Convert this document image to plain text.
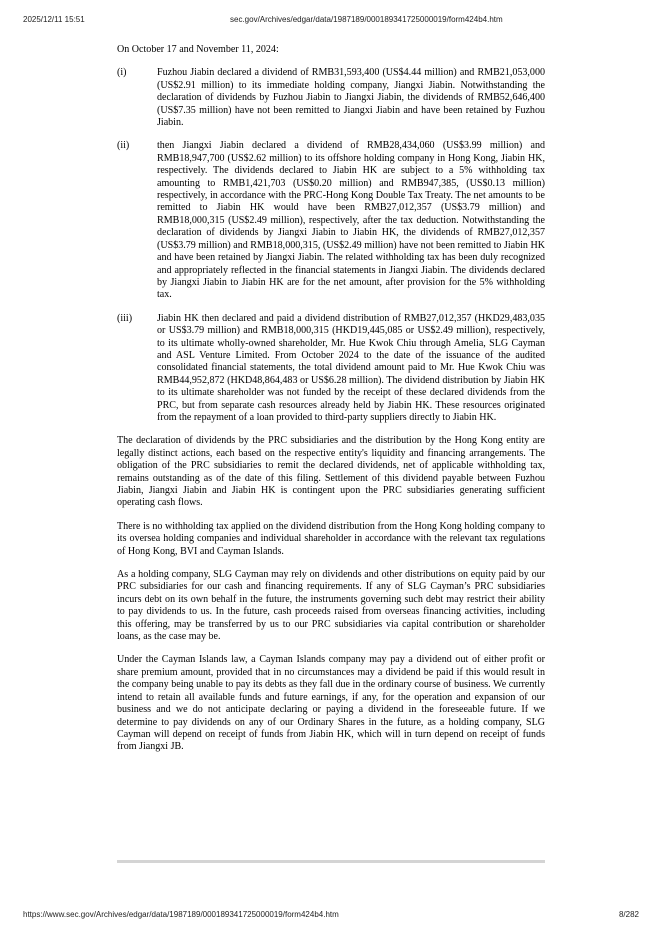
2025/12/11 15:51	sec.gov/Archives/edgar/data/1987189/000189341725000019/form424b4.htm

On October 17 and November 11, 2024:

(i)	Fuzhou Jiabin declared a dividend of RMB31,593,400 (US$4.44 million) and RMB21,053,000 (US$2.91 million) to its immediate holding company, Jiangxi Jiabin. Notwithstanding the declaration of dividends by Fuzhou Jiabin to Jiangxi Jiabin, the dividends of RMB52,646,400 (US$7.35 million) have not been remitted to Jiangxi Jiabin and have been retained by Fuzhou Jiabin.
(ii)	then Jiangxi Jiabin declared a dividend of RMB28,434,060 (US$3.99 million) and RMB18,947,700 (US$2.62 million) to its offshore holding company in Hong Kong, Jiabin HK, respectively. The dividends declared to Jiabin HK are subject to a 5% withholding tax amounting to RMB1,421,703 (US$0.20 million) and RMB947,385, (US$0.13 million) respectively, in accordance with the PRC-Hong Kong Double Tax Treaty. The net amounts to be remitted to Jiabin HK would have been RMB27,012,357 (US$3.79 million) and RMB18,000,315 (US$2.49 million), respectively, after the tax deduction. Notwithstanding the declaration of dividends by Jiangxi Jiabin to Jiabin HK, the dividends of RMB27,012,357 (US$3.79 million) and RMB18,000,315, (US$2.49 million) have not been remitted to Jiabin HK and have been retained by Jiangxi Jiabin. The related withholding tax has been duly recognized and appropriately reflected in the financial statements in Jiangxi Jiabin. The dividends declared by Jiangxi Jiabin to Jiabin HK are for the net amount, after provision for the 5% withholding tax.
(iii)	Jiabin HK then declared and paid a dividend distribution of RMB27,012,357 (HKD29,483,035 or US$3.79 million) and RMB18,000,315 (HKD19,445,085 or US$2.49 million), respectively, to its ultimate wholly-owned shareholder, Mr. Hue Kwok Chiu through Amelia, SLG Cayman and ASL Venture Limited. From October 2024 to the date of the issuance of the audited consolidated financial statements, the total dividend amount paid to Mr. Hue Kwok Chiu was RMB44,952,872 (HKD48,864,483 or US$6.28 million). The dividend distribution by Jiabin HK to its ultimate shareholder was not funded by the receipt of these declared dividends from the PRC, but from separate cash resources already held by Jiabin HK. These resources originated from the repayment of a loan provided to third-party suppliers directly to Jiabin HK.

The declaration of dividends by the PRC subsidiaries and the distribution by the Hong Kong entity are legally distinct actions, each based on the respective entity's liquidity and financing arrangements. The obligation of the PRC subsidiaries to remit the declared dividends, net of applicable withholding tax, remains outstanding as of the date of this filing. Settlement of this dividend payable between Fuzhou Jiabin, Jiangxi Jiabin and Jiabin HK is contingent upon the PRC subsidiaries generating sufficient operating cash flows.

There is no withholding tax applied on the dividend distribution from the Hong Kong holding company to its oversea holding companies and individual shareholder in accordance with the relevant tax regulations of Hong Kong, BVI and Cayman Islands.

As a holding company, SLG Cayman may rely on dividends and other distributions on equity paid by our PRC subsidiaries for our cash and financing requirements. If any of SLG Cayman’s PRC subsidiaries incurs debt on its own behalf in the future, the instruments governing such debt may restrict their ability to pay dividends to us. In the future, cash proceeds raised from overseas financing activities, including this offering, may be transferred by us to our PRC subsidiaries via capital contribution or shareholder loans, as the case may be.

Under the Cayman Islands law, a Cayman Islands company may pay a dividend out of either profit or share premium amount, provided that in no circumstances may a dividend be paid if this would result in the company being unable to pay its debts as they fall due in the ordinary course of business. We currently intend to retain all available funds and future earnings, if any, for the operation and expansion of our business and we do not anticipate declaring or paying a dividend in the foreseeable future. If we determine to pay dividends on any of our Ordinary Shares in the future, as a holding company, SLG Cayman will depend on receipt of funds from Jiabin HK, which will in turn depend on receipt of funds from Jiangxi JB.

https://www.sec.gov/Archives/edgar/data/1987189/000189341725000019/form424b4.htm	8/282
